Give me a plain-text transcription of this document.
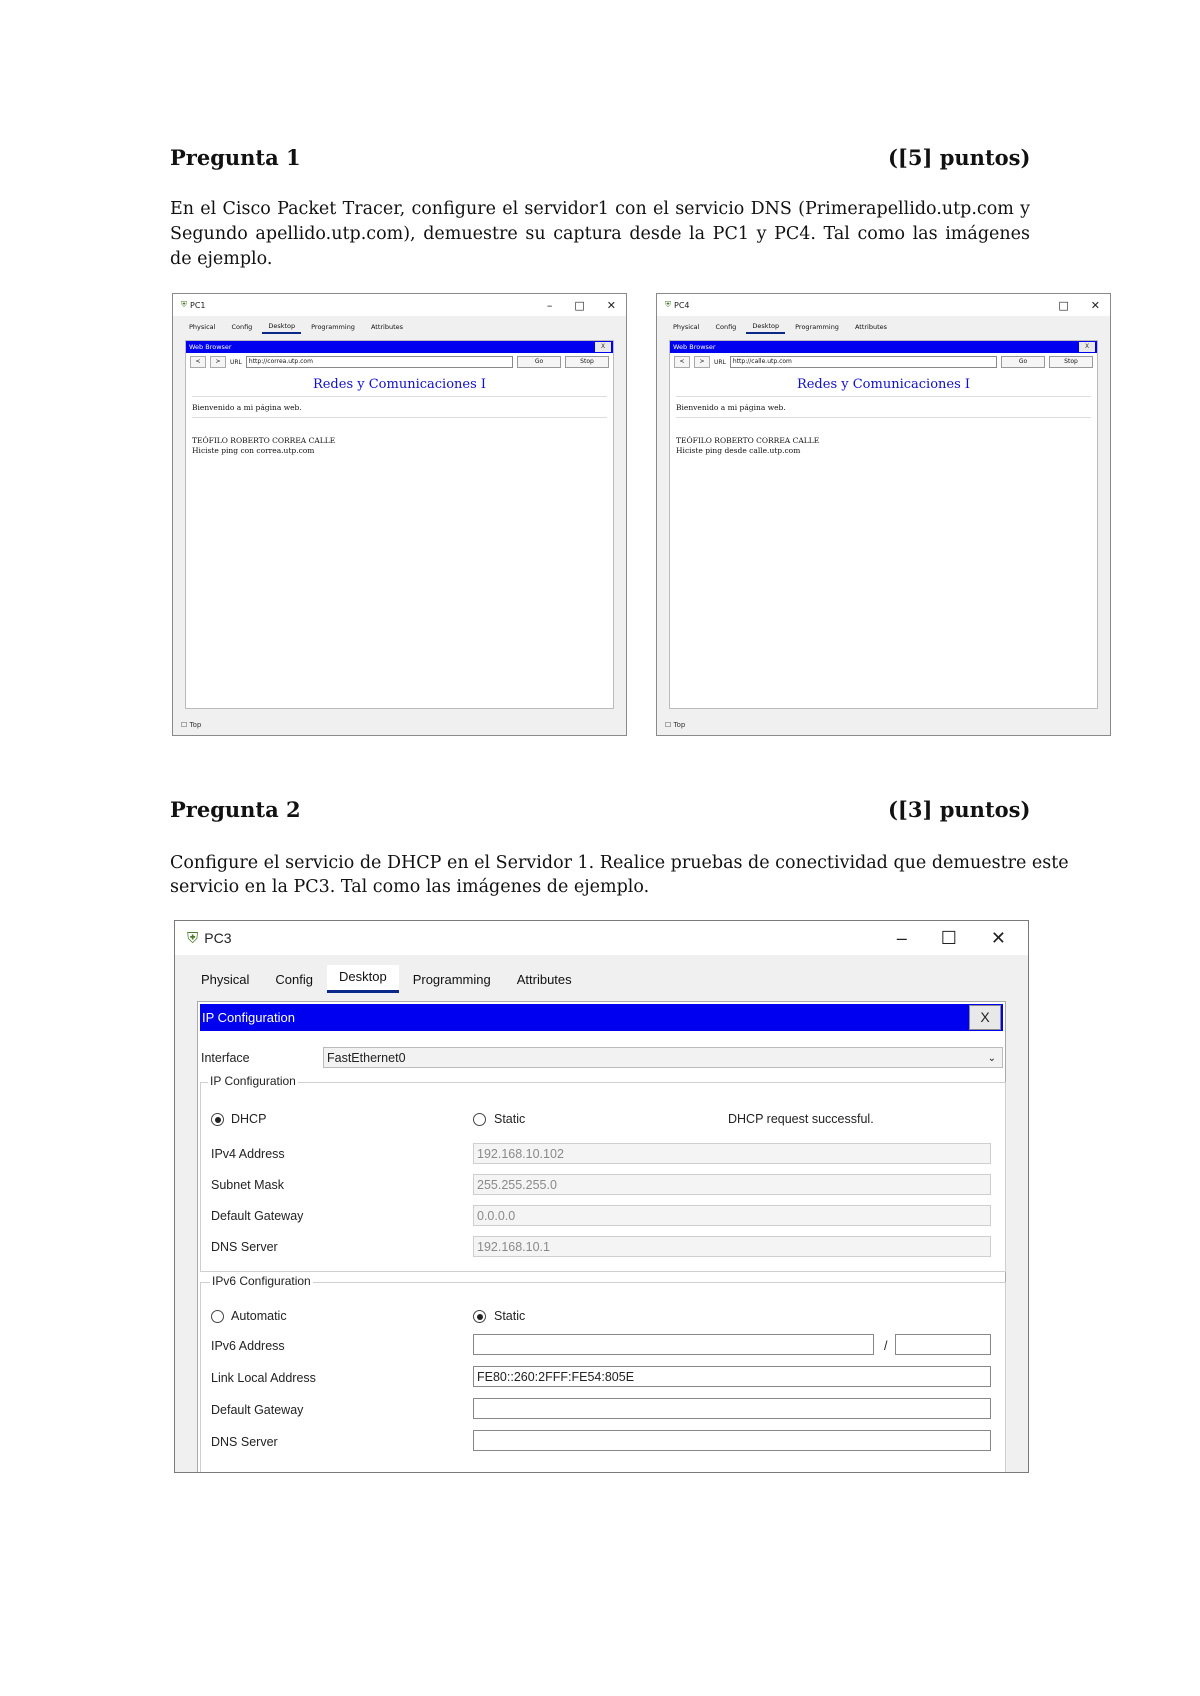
Pregunta 1	([5] puntos)
En el Cisco Packet Tracer, configure el servidor1 con el servicio DNS (Primerapellido.utp.com y Segundo apellido.utp.com), demuestre su captura desde la PC1 y PC4. Tal como las imágenes de ejemplo.
⛨ PC1	– □ ✕
Physical	Config	Desktop	Programming	Attributes
Web Browser	X
<	>	URL	http://correa.utp.com	Go	Stop
Redes y Comunicaciones I
Bienvenido a mi página web.
TEÓFILO ROBERTO CORREA CALLE
Hiciste ping con correa.utp.com
☐ Top
⛨ PC4	□ ✕
Physical	Config	Desktop	Programming	Attributes
Web Browser	X
<	>	URL	http://calle.utp.com	Go	Stop
Redes y Comunicaciones I
Bienvenido a mi página web.
TEÓFILO ROBERTO CORREA CALLE
Hiciste ping desde calle.utp.com
☐ Top
Pregunta 2	([3] puntos)
Configure el servicio de DHCP en el Servidor 1. Realice pruebas de conectividad que demuestre este
servicio en la PC3. Tal como las imágenes de ejemplo.
⛨ PC3	– ☐ ✕
Physical	Config	Desktop	Programming	Attributes
IP Configuration	X
Interface	FastEthernet0	⌄
IP Configuration
DHCP	Static	DHCP request successful.
IPv4 Address	192.168.10.102
Subnet Mask	255.255.255.0
Default Gateway	0.0.0.0
DNS Server	192.168.10.1
IPv6 Configuration
Automatic	Static
IPv6 Address	/
Link Local Address	FE80::260:2FFF:FE54:805E
Default Gateway
DNS Server
